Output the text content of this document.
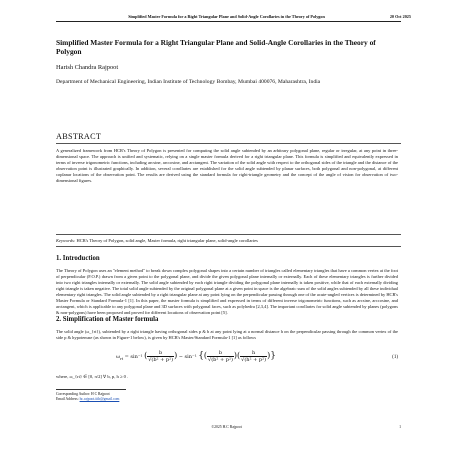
Simplified Master Formula for a Right Triangular Plane and Solid-Angle Corollaries in the Theory of Polygon	20 Oct 2025
Simplified Master Formula for a Right Triangular Plane and Solid-Angle Corollaries in the Theory of Polygon
Harish Chandra Rajpoot
Department of Mechanical Engineering, Indian Institute of Technology Bombay, Mumbai 400076, Maharashtra, India
ABSTRACT
A generalized framework from HCR's Theory of Polygon is presented for computing the solid angle subtended by an arbitrary polygonal plane, regular or irregular, at any point in three-dimensional space. The approach is unified and systematic, relying on a single master formula derived for a right triangular plane. This formula is simplified and equivalently expressed in terms of inverse trigonometric functions, including arcsine, arccosine, and arctangent. The variation of the solid angle with respect to the orthogonal sides of the triangle and the distance of the observation point is illustrated graphically. In addition, several corollaries are established for the solid angle subtended by planar surfaces, both polygonal and non-polygonal, at different coplanar locations of the observation point. The results are derived using the standard formula for right-triangle geometry and the concept of the angle of vision for observation of two-dimensional figures.
Keywords: HCR's Theory of Polygon, solid angle, Master formula, right triangular plane, solid-angle corollaries
1. Introduction
The Theory of Polygon uses an "element method" to break down complex polygonal shapes into a certain number of triangles called elementary triangles that have a common vertex at the foot of perpendicular (F.O.P.) drawn from a given point to the polygonal plane, and divide the given polygonal plane internally or externally. Each of these elementary triangles is further divided into two right triangles internally or externally. The solid angle subtended by each right triangle dividing the polygonal plane internally is taken positive, while that of each externally dividing right triangle is taken negative. The total solid angle subtended by the original polygonal plane at a given point in space is the algebraic sum of the solid angles subtended by all these individual elementary right triangles. The solid angle subtended by a right triangular plane at any point lying on the perpendicular passing through one of the acute-angled vertices is determined by HCR's Master Formula or Standard Formula-1 [1]. In this paper, the master formula is simplified and expressed in terms of different inverse trigonometric functions, such as arcsine, arccosine, and arctangent, which is applicable to any polygonal plane and 3D surfaces with polygonal faces, such as polyhedra [2,3,4]. The important corollaries for solid angle subtended by planes (polygons & non-polygons) have been proposed and proved for different locations of observation point [5].
2. Simplification of Master formula
The solid angle (ω_{rt}), subtended by a right triangle having orthogonal sides p & b at any point lying at a normal distance h on the perpendicular passing through the common vertex of the side p & hypotenuse (as shown in Figure-1 below), is given by HCR's Master/Standard Formula-1 [1] as follows
$\omega_{rt} = \sin^{-1}$ ( $\frac{b}{\text{√(b² + p²)}}$ ) − sin⁻¹ {( $\frac{b}{\text{√(b² + p²)}}$ )( $\frac{h}{\text{√(h² + p²)}}$ )}	(1)
where, ω_{rt} ∈ [0, π/2] ∀ b, p, h ≥ 0 .
Corresponding Author: H C Rajpoot
Email Address: hc.rajpoot.iitb@gmail.com
©2025 H.C Rajpoot	1
